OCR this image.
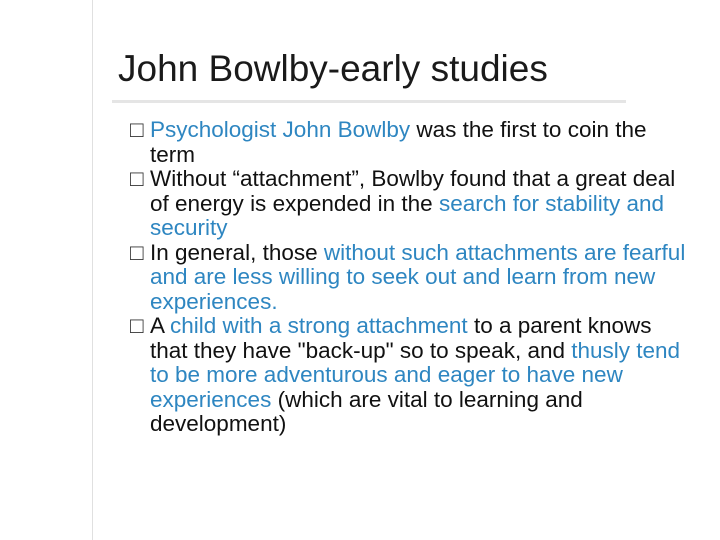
John Bowlby-early studies
□ Psychologist John Bowlby was the first to coin the term
□ Without “attachment”, Bowlby found that a great deal of energy is expended in the search for stability and security
□ In general, those without such attachments are fearful and are less willing to seek out and learn from new experiences.
□ A child with a strong attachment to a parent knows that they have "back-up" so to speak, and thusly tend to be more adventurous and eager to have new experiences (which are vital to learning and development)
